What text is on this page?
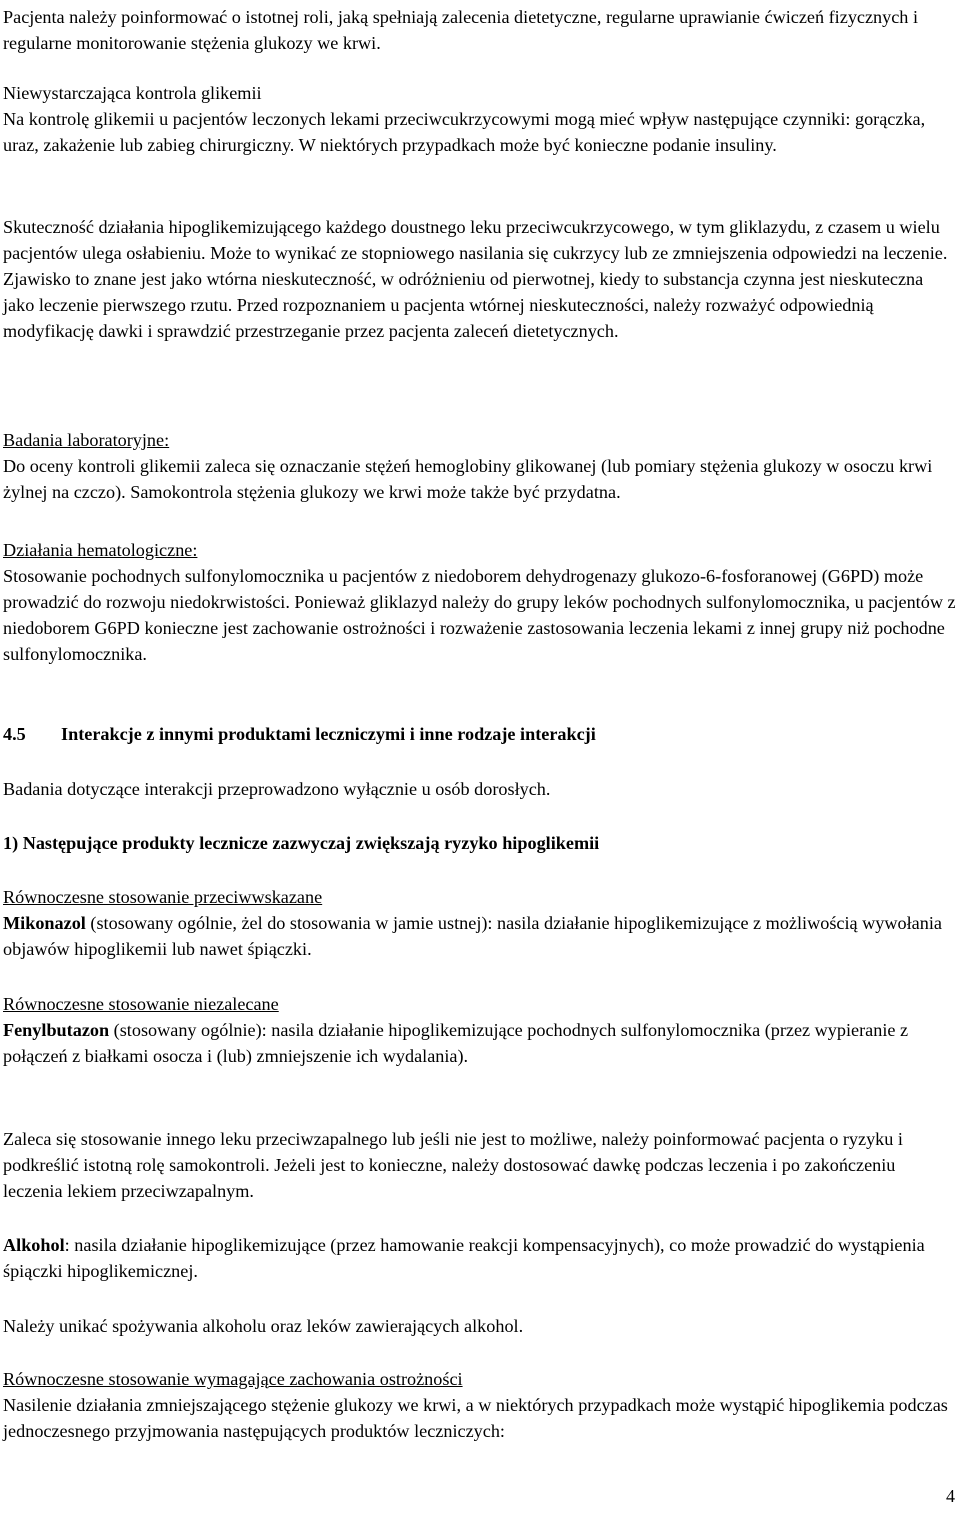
Pacjenta należy poinformować o istotnej roli, jaką spełniają zalecenia dietetyczne, regularne uprawianie ćwiczeń fizycznych i regularne monitorowanie stężenia glukozy we krwi.

Niewystarczająca kontrola glikemii
Na kontrolę glikemii u pacjentów leczonych lekami przeciwcukrzycowymi mogą mieć wpływ następujące czynniki: gorączka, uraz, zakażenie lub zabieg chirurgiczny. W niektórych przypadkach może być konieczne podanie insuliny.

Skuteczność działania hipoglikemizującego każdego doustnego leku przeciwcukrzycowego, w tym gliklazydu, z czasem u wielu pacjentów ulega osłabieniu. Może to wynikać ze stopniowego nasilania się cukrzycy lub ze zmniejszenia odpowiedzi na leczenie. Zjawisko to znane jest jako wtórna nieskuteczność, w odróżnieniu od pierwotnej, kiedy to substancja czynna jest nieskuteczna jako leczenie pierwszego rzutu. Przed rozpoznaniem u pacjenta wtórnej nieskuteczności, należy rozważyć odpowiednią modyfikację dawki i sprawdzić przestrzeganie przez pacjenta zaleceń dietetycznych.

Badania laboratoryjne:
Do oceny kontroli glikemii zaleca się oznaczanie stężeń hemoglobiny glikowanej (lub pomiary stężenia glukozy w osoczu krwi żylnej na czczo). Samokontrola stężenia glukozy we krwi może także być przydatna.
Działania hematologiczne:
Stosowanie pochodnych sulfonylomocznika u pacjentów z niedoborem dehydrogenazy glukozo-6-fosforanowej (G6PD) może prowadzić do rozwoju niedokrwistości. Ponieważ gliklazyd należy do grupy leków pochodnych sulfonylomocznika, u pacjentów z niedoborem G6PD konieczne jest zachowanie ostrożności i rozważenie zastosowania leczenia lekami z innej grupy niż pochodne sulfonylomocznika.
4.5 Interakcje z innymi produktami leczniczymi i inne rodzaje interakcji

Badania dotyczące interakcji przeprowadzono wyłącznie u osób dorosłych.

1) Następujące produkty lecznicze zazwyczaj zwiększają ryzyko hipoglikemii

Równoczesne stosowanie przeciwwskazane
Mikonazol (stosowany ogólnie, żel do stosowania w jamie ustnej): nasila działanie hipoglikemizujące z możliwością wywołania objawów hipoglikemii lub nawet śpiączki.
Równoczesne stosowanie niezalecane
Fenylbutazon (stosowany ogólnie): nasila działanie hipoglikemizujące pochodnych sulfonylomocznika (przez wypieranie z połączeń z białkami osocza i (lub) zmniejszenie ich wydalania).

Zaleca się stosowanie innego leku przeciwzapalnego lub jeśli nie jest to możliwe, należy poinformować pacjenta o ryzyku i podkreślić istotną rolę samokontroli. Jeżeli jest to konieczne, należy dostosować dawkę podczas leczenia i po zakończeniu leczenia lekiem przeciwzapalnym.

Alkohol: nasila działanie hipoglikemizujące (przez hamowanie reakcji kompensacyjnych), co może prowadzić do wystąpienia śpiączki hipoglikemicznej.

Należy unikać spożywania alkoholu oraz leków zawierających alkohol.

Równoczesne stosowanie wymagające zachowania ostrożności
Nasilenie działania zmniejszającego stężenie glukozy we krwi, a w niektórych przypadkach może wystąpić hipoglikemia podczas jednoczesnego przyjmowania następujących produktów leczniczych:
4
